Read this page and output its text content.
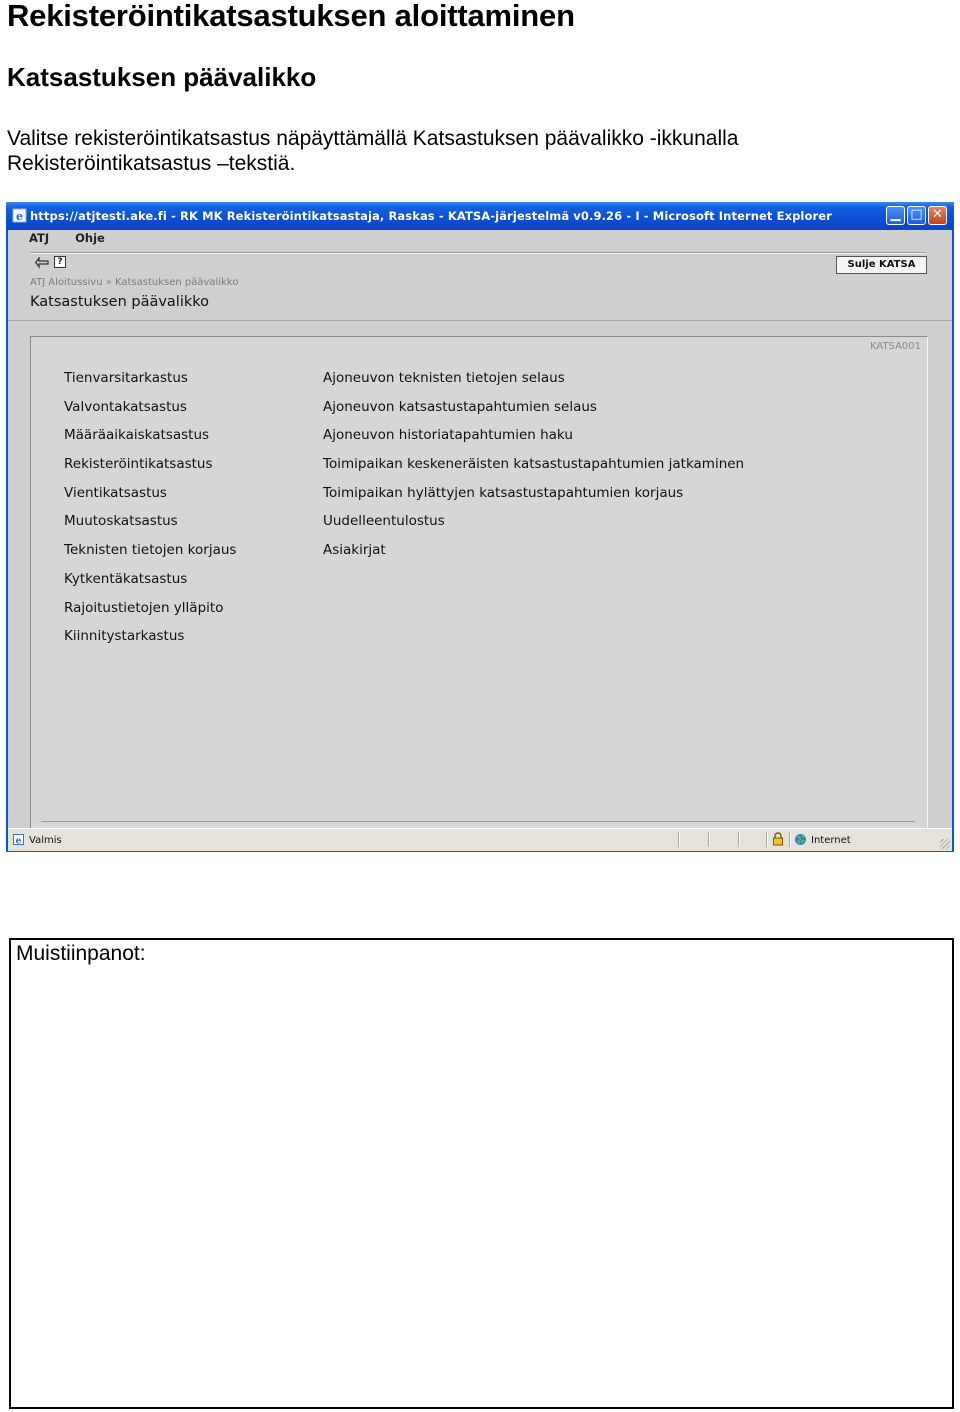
Rekisteröintikatsastuksen aloittaminen
Katsastuksen päävalikko

Valitse rekisteröintikatsastus näpäyttämällä Katsastuksen päävalikko -ikkunalla
Rekisteröintikatsastus –tekstiä.

e https://atjtesti.ake.fi - RK MK Rekisteröintikatsastaja, Raskas - KATSA-järjestelmä v0.9.26 - I - Microsoft Internet Explorer	▁ □ ✕
ATJ Ohje
?	Sulje KATSA
ATJ Aloitussivu » Katsastuksen päävalikko
Katsastuksen päävalikko
KATSA001
Tienvarsitarkastus
Valvontakatsastus
Määräaikaiskatsastus
Rekisteröintikatsastus
Vientikatsastus
Muutoskatsastus
Teknisten tietojen korjaus
Kytkentäkatsastus
Rajoitustietojen ylläpito
Kiinnitystarkastus
Ajoneuvon teknisten tietojen selaus
Ajoneuvon katsastustapahtumien selaus
Ajoneuvon historiatapahtumien haku
Toimipaikan keskeneräisten katsastustapahtumien jatkaminen
Toimipaikan hylättyjen katsastustapahtumien korjaus
Uudelleentulostus
Asiakirjat
e Valmis	Internet
Muistiinpanot:
